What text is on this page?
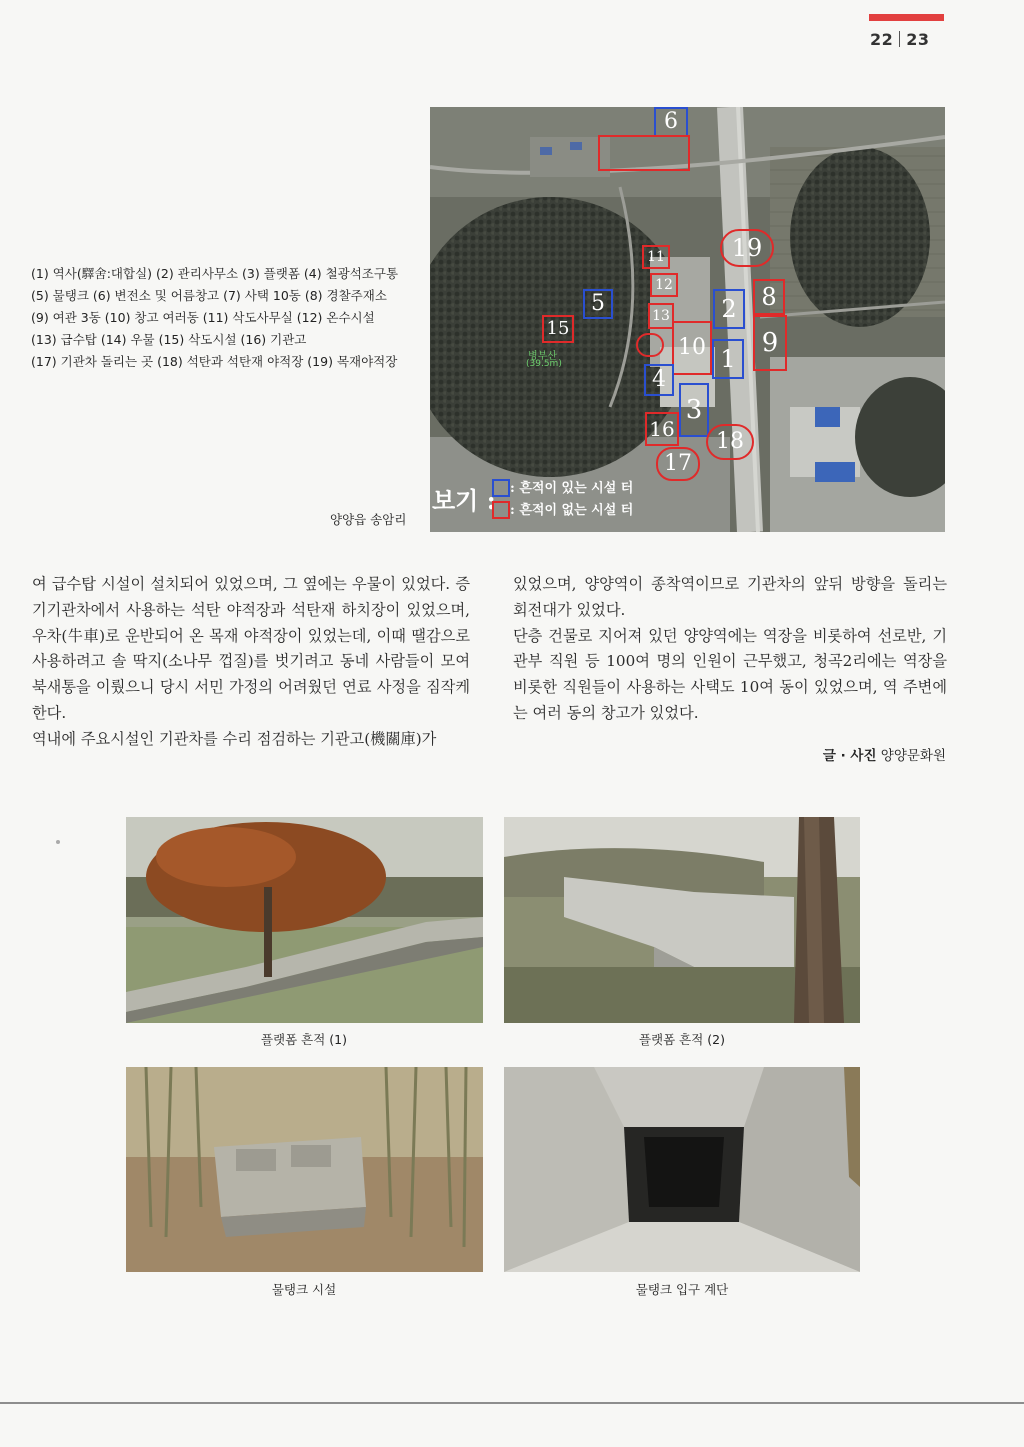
22 23
(1) 역사(驛舍:대합실) (2) 관리사무소 (3) 플랫폼 (4) 철광석조구통
(5) 물탱크 (6) 변전소 및 어름창고 (7) 사택 10동 (8) 경찰주재소
(9) 여관 3동 (10) 창고 여러동 (11) 삭도사무실 (12) 온수시설
(13) 급수탑 (14) 우물 (15) 삭도시설 (16) 기관고
(17) 기관차 돌리는 곳 (18) 석탄과 석탄재 야적장 (19) 목재야적장
6
19
11
12	8
5	2
15
13
10	9
1
4
3
16	18
17
병부산
(39.5m)
보기 : : 흔적이 있는 시설 터
: 흔적이 없는 시설 터
양양읍 송암리

여 급수탑 시설이 설치되어 있었으며, 그 옆에는 우물이 있었다. 증기기관차에서 사용하는 석탄 야적장과 석탄재 하치장이 있었으며, 우차(牛車)로 운반되어 온 목재 야적장이 있었는데, 이때 땔감으로 사용하려고 솔 딱지(소나무 껍질)를 벗기려고 동네 사람들이 모여 북새통을 이뤘으니 당시 서민 가정의 어려웠던 연료 사정을 짐작케 한다.

역내에 주요시설인 기관차를 수리 점검하는 기관고(機關庫)가

있었으며, 양양역이 종착역이므로 기관차의 앞뒤 방향을 돌리는 회전대가 있었다.

단층 건물로 지어져 있던 양양역에는 역장을 비롯하여 선로반, 기관부 직원 등 100여 명의 인원이 근무했고, 청곡2리에는 역장을 비롯한 직원들이 사용하는 사택도 10여 동이 있었으며, 역 주변에는 여러 동의 창고가 있었다.

글 · 사진 양양문화원
플랫폼 흔적 (1)	플랫폼 흔적 (2)
물탱크 시설	물탱크 입구 계단
